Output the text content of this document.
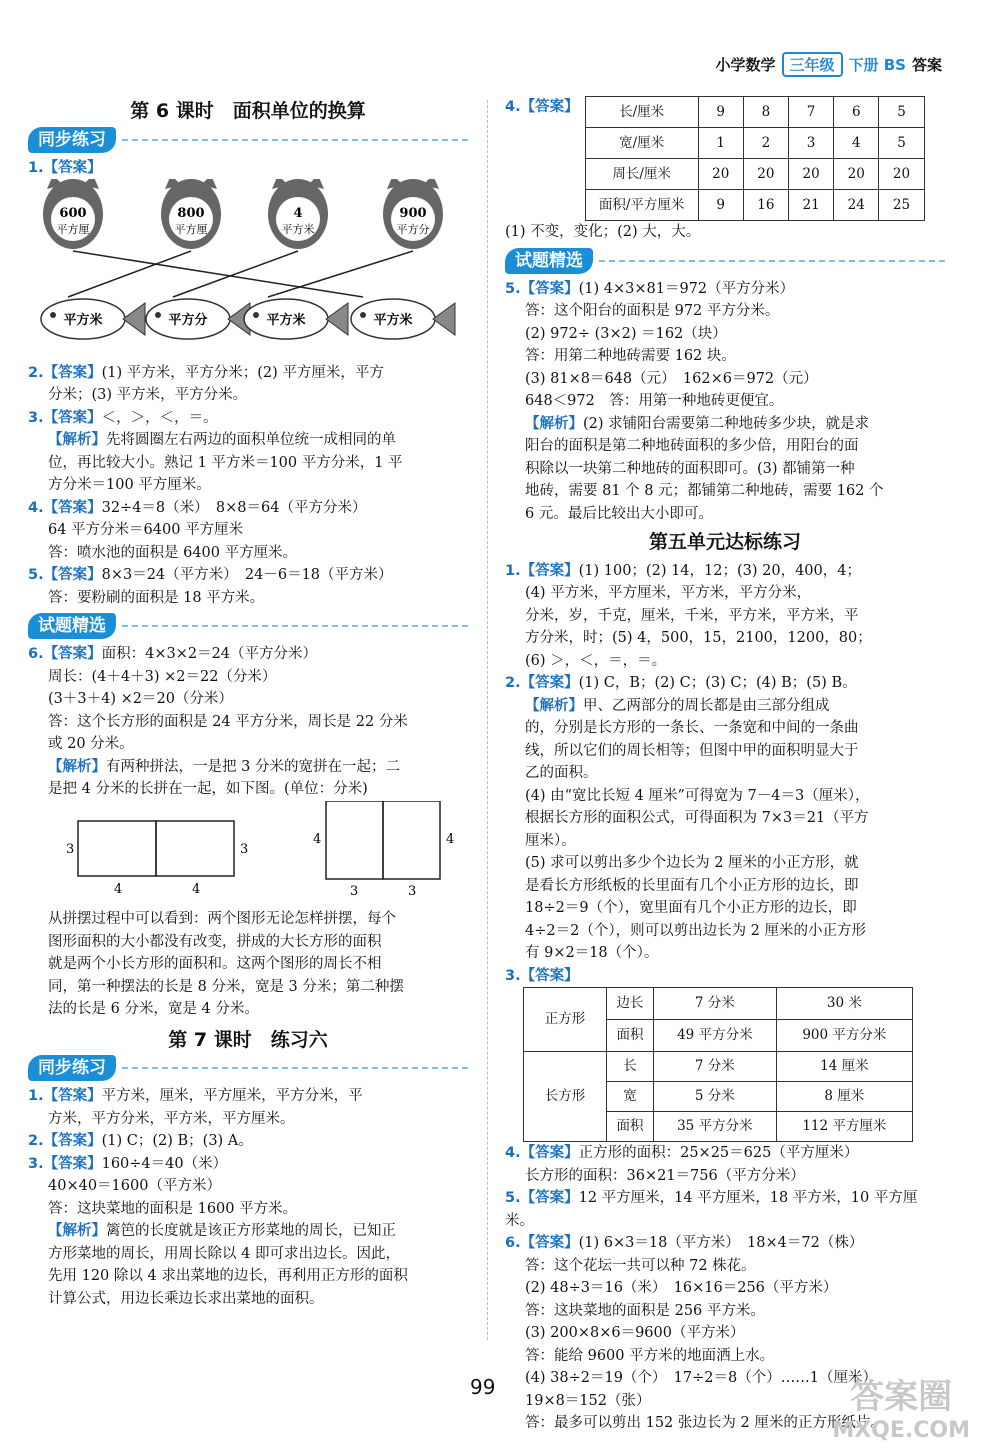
小学数学 三年级 下册 BS 答案
第 6 课时　面积单位的换算
同步练习

1.【答案】

600
平方厘
800
平方厘
4
平方米
900
平方分
平方米	平方分	平方米	平方米

2.【答案】(1) 平方米，平方分米；(2) 平方厘米，平方

分米；(3) 平方米，平方分米。

3.【答案】＜，＞，＜，＝。

【解析】先将圆圈左右两边的面积单位统一成相同的单

位，再比较大小。熟记 1 平方米＝100 平方分米，1 平

方分米＝100 平方厘米。

4.【答案】32÷4＝8（米）　8×8＝64（平方分米）

64 平方分米＝6400 平方厘米

答：喷水池的面积是 6400 平方厘米。

5.【答案】8×3＝24（平方米）　24－6＝18（平方米）

答：要粉刷的面积是 18 平方米。

试题精选

6.【答案】面积：4×3×2＝24（平方分米）

周长：(4＋4＋3) ×2＝22（分米）

(3＋3＋4) ×2＝20（分米）

答：这个长方形的面积是 24 平方分米，周长是 22 分米

或 20 分米。

【解析】有两种拼法，一是把 3 分米的宽拼在一起；二

是把 4 分米的长拼在一起，如下图。(单位：分米)

3	3
4	4
4	4
3	3

从拼摆过程中可以看到：两个图形无论怎样拼摆，每个

图形面积的大小都没有改变，拼成的大长方形的面积

就是两个小长方形的面积和。这两个图形的周长不相

同，第一种摆法的长是 8 分米，宽是 3 分米；第二种摆

法的长是 6 分米，宽是 4 分米。

第 7 课时　练习六
同步练习

1.【答案】平方米，厘米，平方厘米，平方分米，平

方米，平方分米，平方米，平方厘米。

2.【答案】(1) C；(2) B；(3) A。

3.【答案】160÷4＝40（米）

40×40＝1600（平方米）

答：这块菜地的面积是 1600 平方米。

【解析】篱笆的长度就是该正方形菜地的周长，已知正

方形菜地的周长，用周长除以 4 即可求出边长。因此，

先用 120 除以 4 求出菜地的边长，再利用正方形的面积

计算公式，用边长乘边长求出菜地的面积。

4.【答案】	长/厘米	9	8	7	6	5
宽/厘米	1	2	3	4	5
周长/厘米	20	20	20	20	20
面积/平方厘米	9	16	21	24	25

(1) 不变，变化；(2) 大，大。

试题精选

5.【答案】(1) 4×3×81＝972（平方分米）

答：这个阳台的面积是 972 平方分米。

(2) 972÷ (3×2) ＝162（块）

答：用第二种地砖需要 162 块。

(3) 81×8＝648（元）　162×6＝972（元）

648＜972　答：用第一种地砖更便宜。

【解析】(2) 求铺阳台需要第二种地砖多少块，就是求

阳台的面积是第二种地砖面积的多少倍，用阳台的面

积除以一块第二种地砖的面积即可。(3) 都铺第一种

地砖，需要 81 个 8 元；都铺第二种地砖，需要 162 个

6 元。最后比较出大小即可。

第五单元达标练习

1.【答案】(1) 100；(2) 14，12；(3) 20，400，4；

(4) 平方米，平方厘米，平方米，平方分米，

分米，岁，千克，厘米，千米，平方米，平方米，平

方分米，时；(5) 4，500，15，2100，1200，80；

(6) ＞，＜，＝，＝。

2.【答案】(1) C，B；(2) C；(3) C；(4) B；(5) B。

【解析】甲、乙两部分的周长都是由三部分组成

的，分别是长方形的一条长、一条宽和中间的一条曲

线，所以它们的周长相等；但图中甲的面积明显大于

乙的面积。

(4) 由“宽比长短 4 厘米”可得宽为 7－4＝3（厘米），

根据长方形的面积公式，可得面积为 7×3＝21（平方

厘米）。

(5) 求可以剪出多少个边长为 2 厘米的小正方形，就

是看长方形纸板的长里面有几个小正方形的边长，即

18÷2＝9（个），宽里面有几个小正方形的边长，即

4÷2＝2（个），则可以剪出边长为 2 厘米的小正方形

有 9×2＝18（个）。

3.【答案】

正方形	边长	7 分米	30 米
	面积	49 平方分米	900 平方分米
长方形	长	7 分米	14 厘米
	宽	5 分米	8 厘米
	面积	35 平方分米	112 平方厘米

4.【答案】正方形的面积：25×25＝625（平方厘米）

长方形的面积：36×21＝756（平方分米）

5.【答案】12 平方厘米，14 平方厘米，18 平方米，10 平方厘米。

6.【答案】(1) 6×3＝18（平方米）　18×4＝72（株）

答：这个花坛一共可以种 72 株花。

(2) 48÷3＝16（米）　16×16＝256（平方米）

答：这块菜地的面积是 256 平方米。

(3) 200×8×6＝9600（平方米）

答：能给 9600 平方米的地面洒上水。

(4) 38÷2＝19（个）　17÷2＝8（个）……1（厘米）

19×8＝152（张）

答：最多可以剪出 152 张边长为 2 厘米的正方形纸片。

99	答案圈
MXQE.COM
